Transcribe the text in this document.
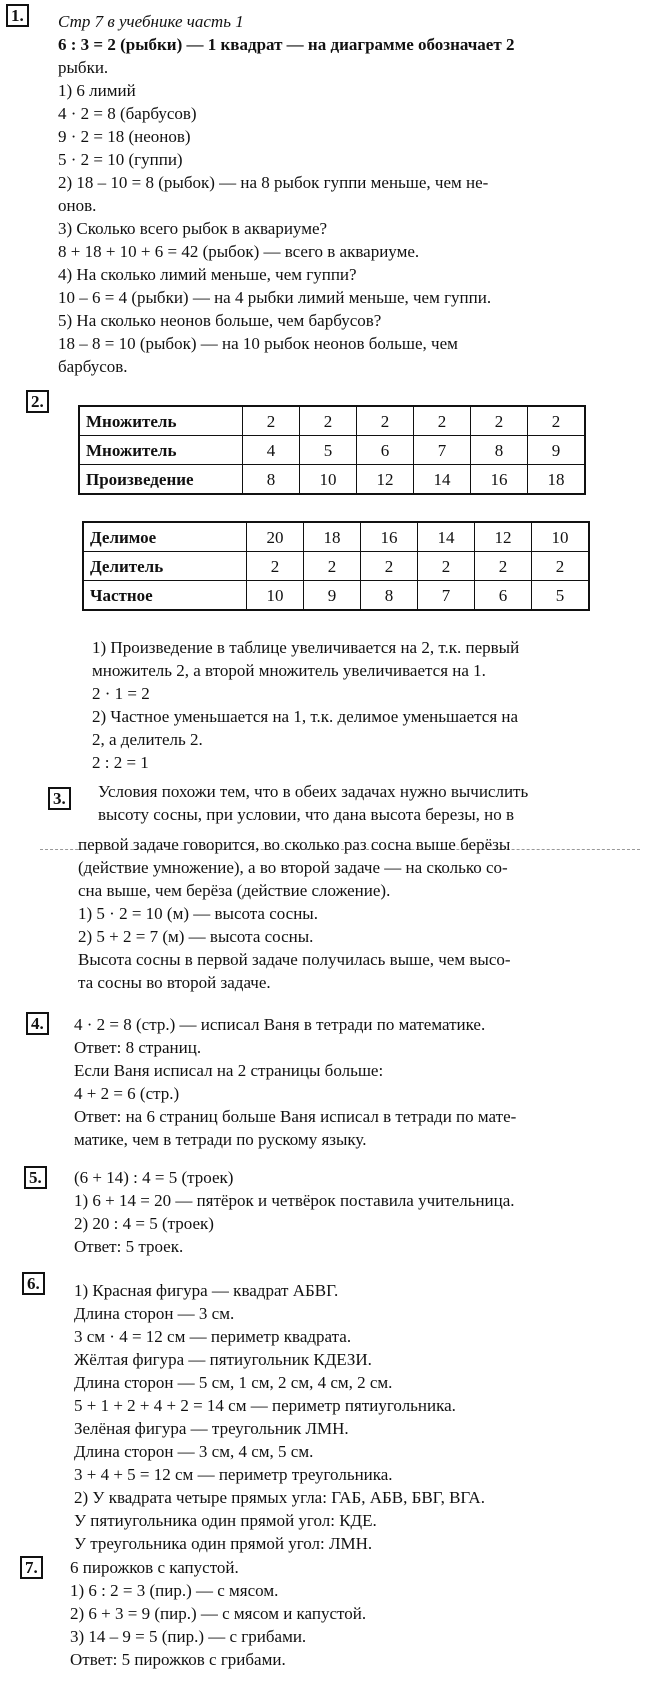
1. Стр 7 в учебнике часть 1
6 : 3 = 2 (рыбки) — 1 квадрат — на диаграмме обозначает 2
рыбки.
1) 6 лимий
4 · 2 = 8 (барбусов)
9 · 2 = 18 (неонов)
5 · 2 = 10 (гуппи)
2) 18 – 10 = 8 (рыбок) — на 8 рыбок гуппи меньше, чем не-
онов.
3) Сколько всего рыбок в аквариуме?
8 + 18 + 10 + 6 = 42 (рыбок) — всего в аквариуме.
4) На сколько лимий меньше, чем гуппи?
10 – 6 = 4 (рыбки) — на 4 рыбки лимий меньше, чем гуппи.
5) На сколько неонов больше, чем барбусов?
18 – 8 = 10 (рыбок) — на 10 рыбок неонов больше, чем
барбусов.
2.
Множитель	2	2	2	2	2	2
Множитель	4	5	6	7	8	9
Произведение	8	10	12	14	16	18
Делимое	20	18	16	14	12	10
Делитель	2	2	2	2	2	2
Частное	10	9	8	7	6	5
1) Произведение в таблице увеличивается на 2, т.к. первый
множитель 2, а второй множитель увеличивается на 1.
2 · 1 = 2
2) Частное уменьшается на 1, т.к. делимое уменьшается на
2, а делитель 2.
2 : 2 = 1
3. Условия похожи тем, что в обеих задачах нужно вычислить
высоту сосны, при условии, что дана высота березы, но в
первой задаче говорится, во сколько раз сосна выше берёзы
(действие умножение), а во второй задаче — на сколько со-
сна выше, чем берёза (действие сложение).
1) 5 · 2 = 10 (м) — высота сосны.
2) 5 + 2 = 7 (м) — высота сосны.
Высота сосны в первой задаче получилась выше, чем высо-
та сосны во второй задаче.
4. 4 · 2 = 8 (стр.) — исписал Ваня в тетради по математике.
Ответ: 8 страниц.
Если Ваня исписал на 2 страницы больше:
4 + 2 = 6 (стр.)
Ответ: на 6 страниц больше Ваня исписал в тетради по мате-
матике, чем в тетради по рускому языку.
5. (6 + 14) : 4 = 5 (троек)
1) 6 + 14 = 20 — пятёрок и четвёрок поставила учительница.
2) 20 : 4 = 5 (троек)
Ответ: 5 троек.
6. 1) Красная фигура — квадрат АБВГ.
Длина сторон — 3 см.
3 см · 4 = 12 см — периметр квадрата.
Жёлтая фигура — пятиугольник КДЕЗИ.
Длина сторон — 5 см, 1 см, 2 см, 4 см, 2 см.
5 + 1 + 2 + 4 + 2 = 14 см — периметр пятиугольника.
Зелёная фигура — треугольник ЛМН.
Длина сторон — 3 см, 4 см, 5 см.
3 + 4 + 5 = 12 см — периметр треугольника.
2) У квадрата четыре прямых угла: ГАБ, АБВ, БВГ, ВГА.
У пятиугольника один прямой угол: КДЕ.
У треугольника один прямой угол: ЛМН.
7. 6 пирожков с капустой.
1) 6 : 2 = 3 (пир.) — с мясом.
2) 6 + 3 = 9 (пир.) — с мясом и капустой.
3) 14 – 9 = 5 (пир.) — с грибами.
Ответ: 5 пирожков с грибами.
